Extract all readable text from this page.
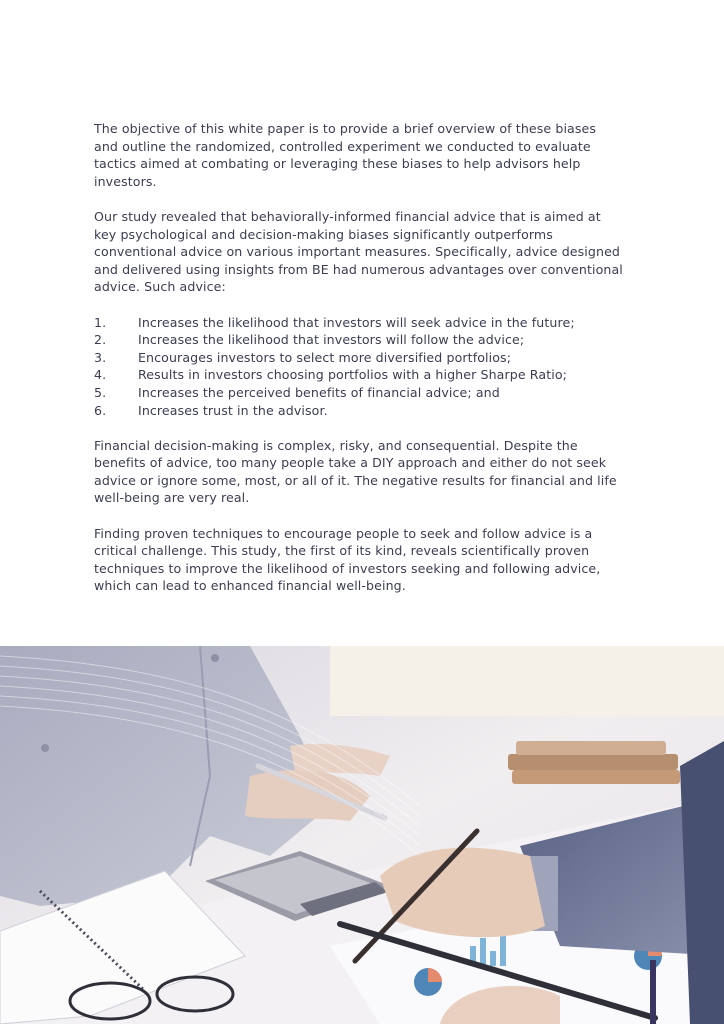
The objective of this white paper is to provide a brief overview of these biases and outline the randomized, controlled experiment we conducted to evaluate tactics aimed at combating or leveraging these biases to help advisors help investors.

Our study revealed that behaviorally-informed financial advice that is aimed at key psychological and decision-making biases significantly outperforms conventional advice on various important measures. Specifically, advice designed and delivered using insights from BE had numerous advantages over conventional advice. Such advice:

1.	Increases the likelihood that investors will seek advice in the future;
2.	Increases the likelihood that investors will follow the advice;
3.	Encourages investors to select more diversified portfolios;
4.	Results in investors choosing portfolios with a higher Sharpe Ratio;
5.	Increases the perceived benefits of financial advice; and
6.	Increases trust in the advisor.

Financial decision-making is complex, risky, and consequential. Despite the benefits of advice, too many people take a DIY approach and either do not seek advice or ignore some, most, or all of it. The negative results for financial and life well-being are very real.

Finding proven techniques to encourage people to seek and follow advice is a critical challenge. This study, the first of its kind, reveals scientifically proven techniques to improve the likelihood of investors seeking and following advice, which can lead to enhanced financial well-being.
